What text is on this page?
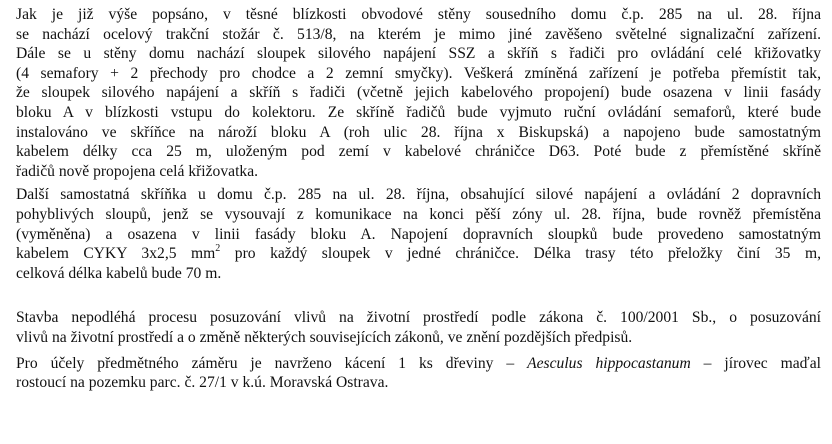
Jak je již výše popsáno, v těsné blízkosti obvodové stěny sousedního domu č.p. 285 na ul. 28. října
se nachází ocelový trakční stožár č. 513/8, na kterém je mimo jiné zavěšeno světelné signalizační zařízení.
Dále se u stěny domu nachází sloupek silového napájení SSZ a skříň s řadiči pro ovládání celé křižovatky
(4 semafory + 2 přechody pro chodce a 2 zemní smyčky). Veškerá zmíněná zařízení je potřeba přemístit tak,
že sloupek silového napájení a skříň s řadiči (včetně jejich kabelového propojení) bude osazena v linii fasády
bloku A v blízkosti vstupu do kolektoru. Ze skříně řadičů bude vyjmuto ruční ovládání semaforů, které bude
instalováno ve skříňce na nároží bloku A (roh ulic 28. října x Biskupská) a napojeno bude samostatným
kabelem délky cca 25 m, uloženým pod zemí v kabelové chráničce D63. Poté bude z přemístěné skříně
řadičů nově propojena celá křižovatka.
Další samostatná skříňka u domu č.p. 285 na ul. 28. října, obsahující silové napájení a ovládání 2 dopravních
pohyblivých sloupů, jenž se vysouvají z komunikace na konci pěší zóny ul. 28. října, bude rovněž přemístěna
(vyměněna) a osazena v linii fasády bloku A. Napojení dopravních sloupků bude provedeno samostatným
kabelem CYKY 3x2,5 $mm^2$ pro každý sloupek v jedné chráničce. Délka trasy této přeložky činí 35 m,
celková délka kabelů bude 70 m.
Stavba nepodléhá procesu posuzování vlivů na životní prostředí podle zákona č. 100/2001 Sb., o posuzování
vlivů na životní prostředí a o změně některých souvisejících zákonů, ve znění pozdějších předpisů.
Pro účely předmětného záměru je navrženo kácení 1 ks dřeviny – Aesculus hippocastanum – jírovec maďal
rostoucí na pozemku parc. č. 27/1 v k.ú. Moravská Ostrava.
